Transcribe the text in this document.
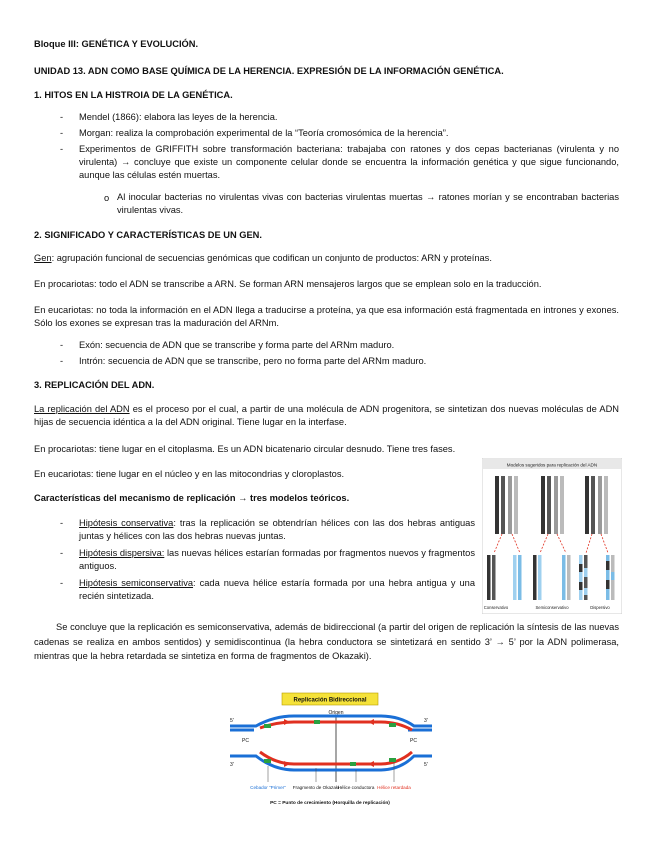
Bloque III: GENÉTICA Y EVOLUCIÓN.
UNIDAD 13. ADN COMO BASE QUÍMICA DE LA HERENCIA. EXPRESIÓN DE LA INFORMACIÓN GENÉTICA.
1. HITOS EN LA HISTROIA DE LA GENÉTICA.
- Mendel (1866): elabora las leyes de la herencia.
- Morgan: realiza la comprobación experimental de la “Teoría cromosómica de la herencia”.
- Experimentos de GRIFFITH sobre transformación bacteriana: trabajaba con ratones y dos cepas bacterianas (virulenta y no virulenta) → concluye que existe un componente celular donde se encuentra la información genética y que sigue funcionando, aunque las células estén muertas.
o Al inocular bacterias no virulentas vivas con bacterias virulentas muertas → ratones morían y se encontraban bacterias virulentas vivas.
2. SIGNIFICADO Y CARACTERÍSTICAS DE UN GEN.
Gen: agrupación funcional de secuencias genómicas que codifican un conjunto de productos: ARN y proteínas.
En procariotas: todo el ADN se transcribe a ARN. Se forman ARN mensajeros largos que se emplean solo en la traducción.
En eucariotas: no toda la información en el ADN llega a traducirse a proteína, ya que esa información está fragmentada en intrones y exones. Sólo los exones se expresan tras la maduración del ARNm.
- Exón: secuencia de ADN que se transcribe y forma parte del ARNm maduro.
- Intrón: secuencia de ADN que se transcribe, pero no forma parte del ARNm maduro.
3. REPLICACIÓN DEL ADN.
La replicación del ADN es el proceso por el cual, a partir de una molécula de ADN progenitora, se sintetizan dos nuevas moléculas de ADN hijas de secuencia idéntica a la del ADN original. Tiene lugar en la interfase.
En procariotas: tiene lugar en el citoplasma. Es un ADN bicatenario circular desnudo. Tiene tres fases.
En eucariotas: tiene lugar en el núcleo y en las mitocondrias y cloroplastos.
Características del mecanismo de replicación → tres modelos teóricos.
- Hipótesis conservativa: tras la replicación se obtendrían hélices con las dos hebras antiguas juntas y hélices con las dos hebras nuevas juntas.
- Hipótesis dispersiva: las nuevas hélices estarían formadas por fragmentos nuevos y fragmentos antiguos.
- Hipótesis semiconservativa: cada nueva hélice estaría formada por una hebra antigua y una recién sintetizada.
Se concluye que la replicación es semiconservativa, además de bidireccional (a partir del origen de replicación la síntesis de las nuevas cadenas se realiza en ambos sentidos) y semidiscontinua (la hebra conductora se sintetizará en sentido 3’ → 5’ por la ADN polimerasa, mientras que la hebra retardada se sintetiza en forma de fragmentos de Okazaki).
Modelos sugeridos para replicación del ADN
Conservativo	Semiconservativo	Dispersivo
Replicación Bidireccional
Origen
5'	3'
3'	5'
PC	PC
Cebador "Primer" Fragmento de Okazaki
Hélice conductora Hélice retardada
PC = Punto de crecimiento (Horquilla de replicación)
